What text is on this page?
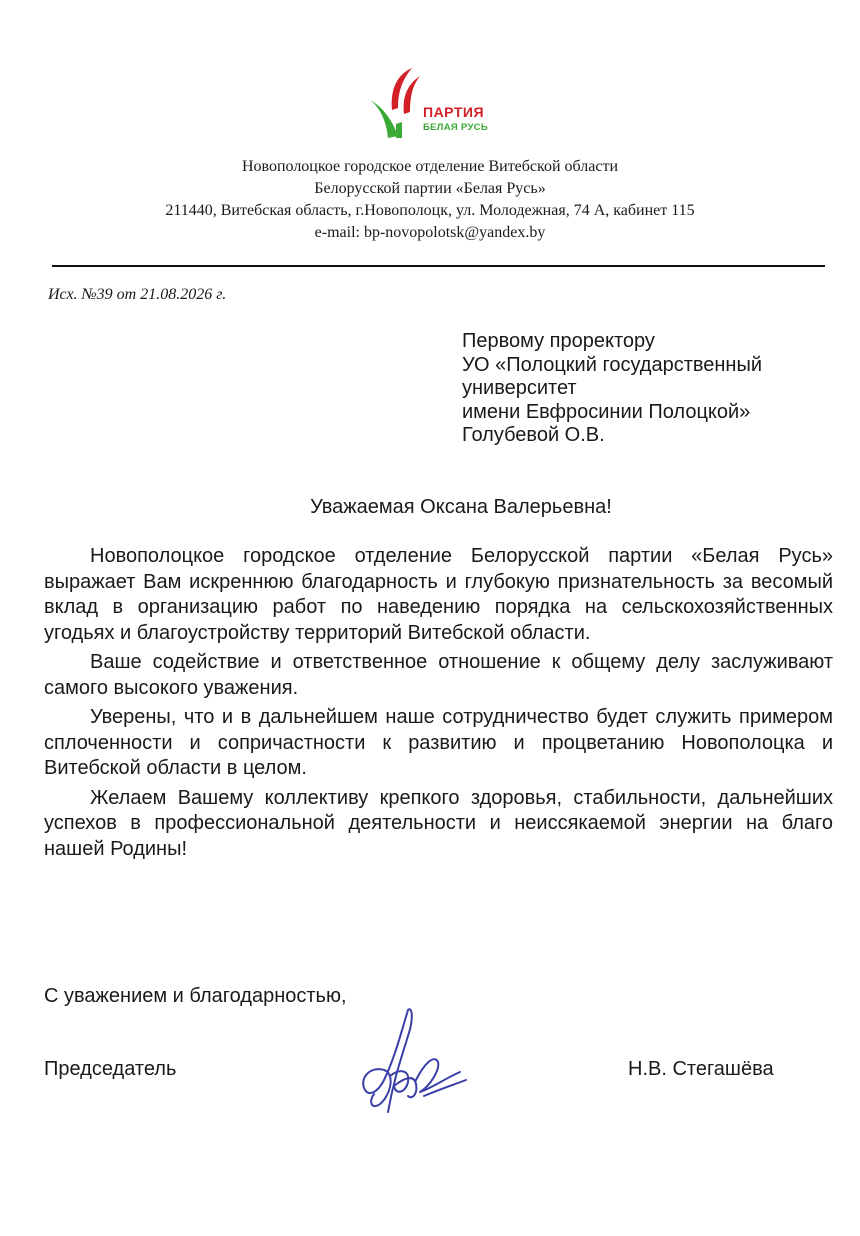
ПАРТИЯ
БЕЛАЯ РУСЬ
Новополоцкое городское отделение Витебской области
Белорусской партии «Белая Русь»
211440, Витебская область, г.Новополоцк, ул. Молодежная, 74 А, кабинет 115
e-mail: bp-novopolotsk@yandex.by
Исх. №39 от 21.08.2026 г.
Первому проректору
УО «Полоцкий государственный
университет
имени Евфросинии Полоцкой»
Голубевой О.В.
Уважаемая Оксана Валерьевна!

Новополоцкое городское отделение Белорусской партии «Белая Русь» выражает Вам искреннюю благодарность и глубокую признательность за весомый вклад в организацию работ по наведению порядка на сельскохозяйственных угодьях и благоустройству территорий Витебской области.

Ваше содействие и ответственное отношение к общему делу заслуживают самого высокого уважения.

Уверены, что и в дальнейшем наше сотрудничество будет служить примером сплоченности и сопричастности к развитию и процветанию Новополоцка и Витебской области в целом.

Желаем Вашему коллективу крепкого здоровья, стабильности, дальнейших успехов в профессиональной деятельности и неиссякаемой энергии на благо нашей Родины!

С уважением и благодарностью,
Председатель	Н.В. Стегашёва
